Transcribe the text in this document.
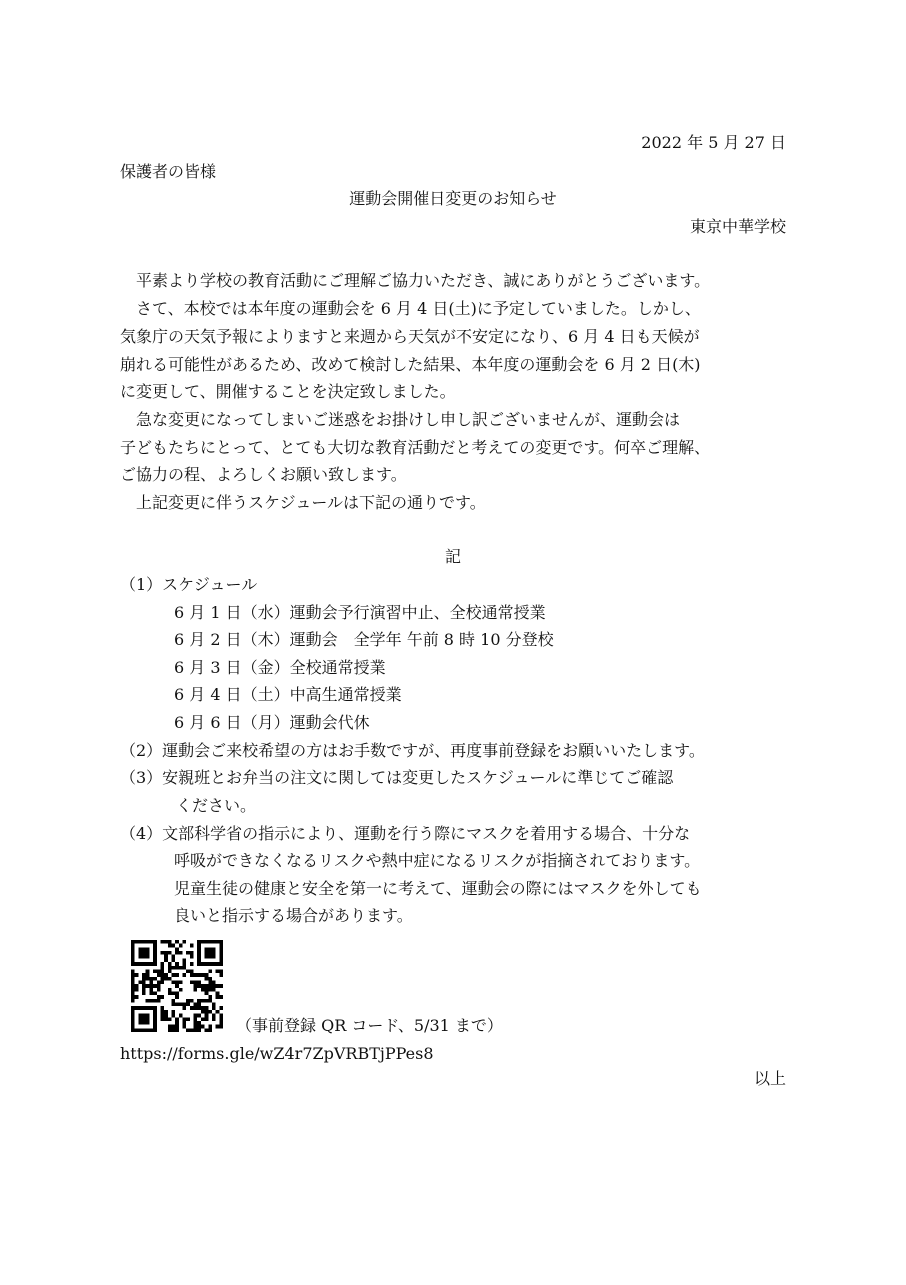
2022 年 5 月 27 日
保護者の皆様
運動会開催日変更のお知らせ
東京中華学校
平素より学校の教育活動にご理解ご協力いただき、誠にありがとうございます。
さて、本校では本年度の運動会を 6 月 4 日(土)に予定していました。しかし、
気象庁の天気予報によりますと来週から天気が不安定になり、6 月 4 日も天候が
崩れる可能性があるため、改めて検討した結果、本年度の運動会を 6 月 2 日(木)
に変更して、開催することを決定致しました。
急な変更になってしまいご迷惑をお掛けし申し訳ございませんが、運動会は
子どもたちにとって、とても大切な教育活動だと考えての変更です。何卒ご理解、
ご協力の程、よろしくお願い致します。
上記変更に伴うスケジュールは下記の通りです。
記
（1）スケジュール
6 月 1 日（水）運動会予行演習中止、全校通常授業
6 月 2 日（木）運動会　全学年 午前 8 時 10 分登校
6 月 3 日（金）全校通常授業
6 月 4 日（土）中高生通常授業
6 月 6 日（月）運動会代休
（2）運動会ご来校希望の方はお手数ですが、再度事前登録をお願いいたします。
（3）安親班とお弁当の注文に関しては変更したスケジュールに準じてご確認
ください。
（4）文部科学省の指示により、運動を行う際にマスクを着用する場合、十分な
呼吸ができなくなるリスクや熱中症になるリスクが指摘されております。
児童生徒の健康と安全を第一に考えて、運動会の際にはマスクを外しても
良いと指示する場合があります。
（事前登録 QR コード、5/31 まで）
https://forms.gle/wZ4r7ZpVRBTjPPes8
以上
